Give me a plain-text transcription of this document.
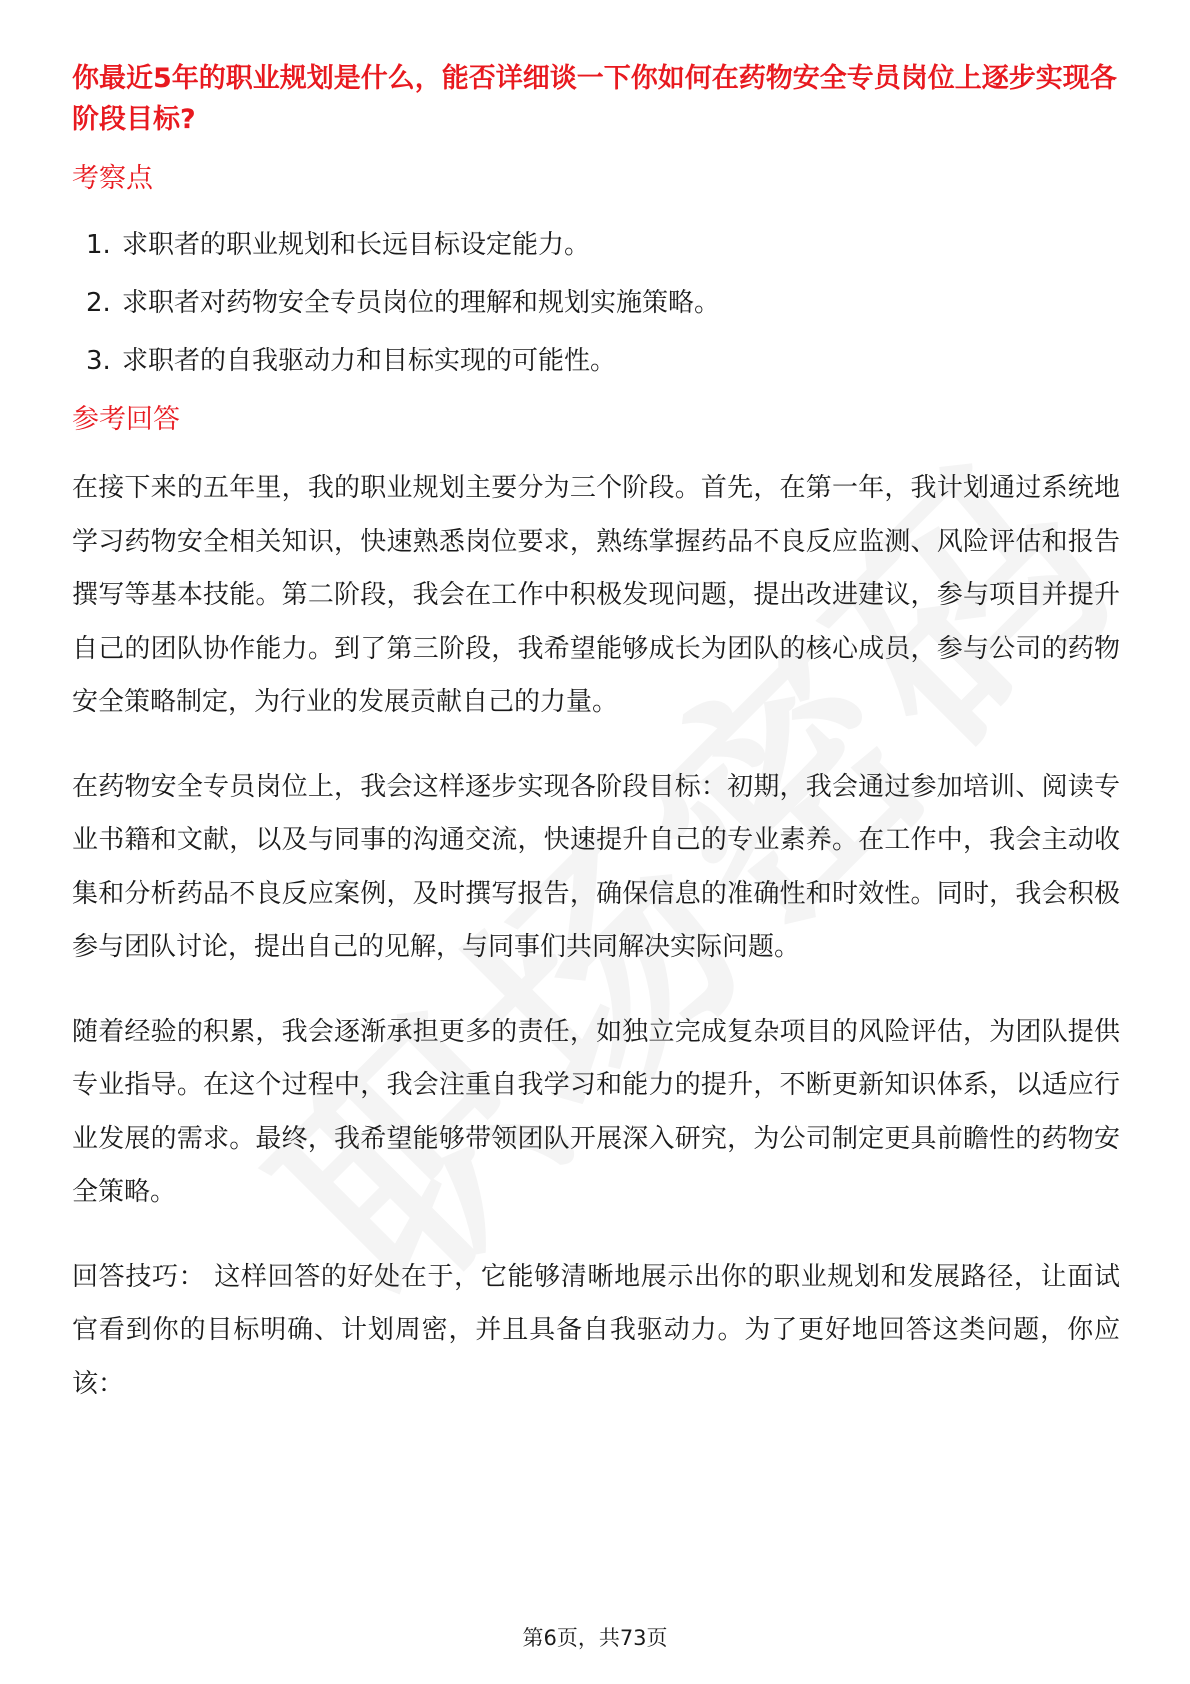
你最近5年的职业规划是什么，能否详细谈一下你如何在药物安全专员岗位上逐步实现各阶段目标?
考察点
1. 求职者的职业规划和长远目标设定能力。
2. 求职者对药物安全专员岗位的理解和规划实施策略。
3. 求职者的自我驱动力和目标实现的可能性。
参考回答

在接下来的五年里，我的职业规划主要分为三个阶段。首先，在第一年，我计划通过系统地学习药物安全相关知识，快速熟悉岗位要求，熟练掌握药品不良反应监测、风险评估和报告撰写等基本技能。第二阶段，我会在工作中积极发现问题，提出改进建议，参与项目并提升自己的团队协作能力。到了第三阶段，我希望能够成长为团队的核心成员，参与公司的药物安全策略制定，为行业的发展贡献自己的力量。

在药物安全专员岗位上，我会这样逐步实现各阶段目标：初期，我会通过参加培训、阅读专业书籍和文献，以及与同事的沟通交流，快速提升自己的专业素养。在工作中，我会主动收集和分析药品不良反应案例，及时撰写报告，确保信息的准确性和时效性。同时，我会积极参与团队讨论，提出自己的见解，与同事们共同解决实际问题。

随着经验的积累，我会逐渐承担更多的责任，如独立完成复杂项目的风险评估，为团队提供专业指导。在这个过程中，我会注重自我学习和能力的提升，不断更新知识体系，以适应行业发展的需求。最终，我希望能够带领团队开展深入研究，为公司制定更具前瞻性的药物安全策略。

回答技巧： 这样回答的好处在于，它能够清晰地展示出你的职业规划和发展路径，让面试官看到你的目标明确、计划周密，并且具备自我驱动力。为了更好地回答这类问题，你应该：

第6页，共73页
